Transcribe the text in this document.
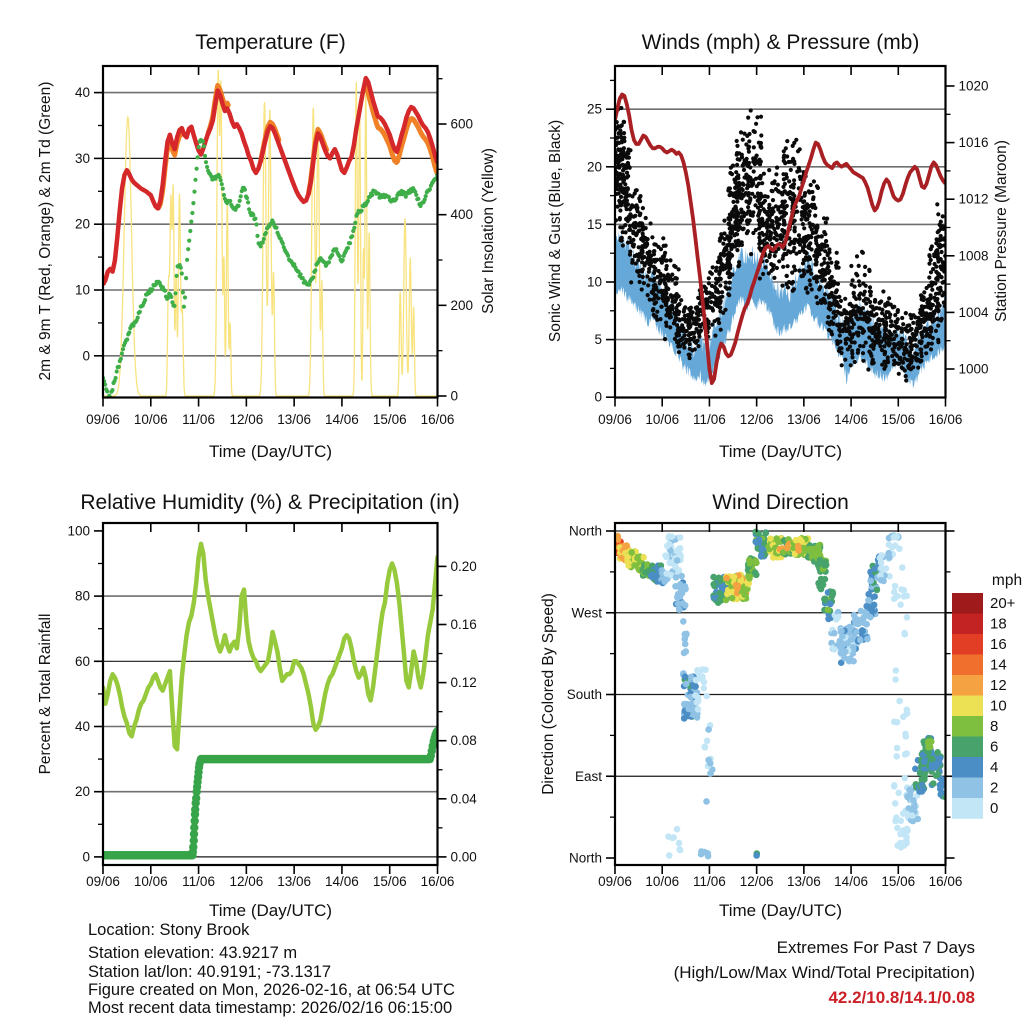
09/06 10/06 11/06 12/06 13/06 14/06 15/06 16/06
0
10
20
30
40
0
200
400
600
09/06 10/06 11/06 12/06 13/06 14/06 15/06 16/06
0
5
10
15
20
25
1000
1004
1008
1012
1016
1020
09/06 10/06 11/06 12/06 13/06 14/06 15/06 16/06
0
20
40
60
80
100
0.00
0.04
0.08
0.12
0.16
0.20
09/06 10/06 11/06 12/06 13/06 14/06 15/06 16/06
North
West
South
East
North
mph
20+
18
16
14
12
10
8
6
4
2
0
Temperature (F)	Winds (mph) & Pressure (mb)
Relative Humidity (%) & Precipitation (in)	Wind Direction
Time (Day/UTC)	Time (Day/UTC)
Time (Day/UTC)	Time (Day/UTC)
2m & 9m T (Red, Orange) & 2m Td (Green)	Solar Insolation (Yellow)	Sonic Wind & Gust (Blue, Black)	Station Pressure (Maroon)
Percent & Total Rainfall	Direction (Colored By Speed)
Location: Stony Brook
Station elevation: 43.9217 m
Station lat/lon: 40.9191; -73.1317
Figure created on Mon, 2026-02-16, at 06:54 UTC
Most recent data timestamp: 2026/02/16 06:15:00
Extremes For Past 7 Days
(High/Low/Max Wind/Total Precipitation)
42.2/10.8/14.1/0.08
